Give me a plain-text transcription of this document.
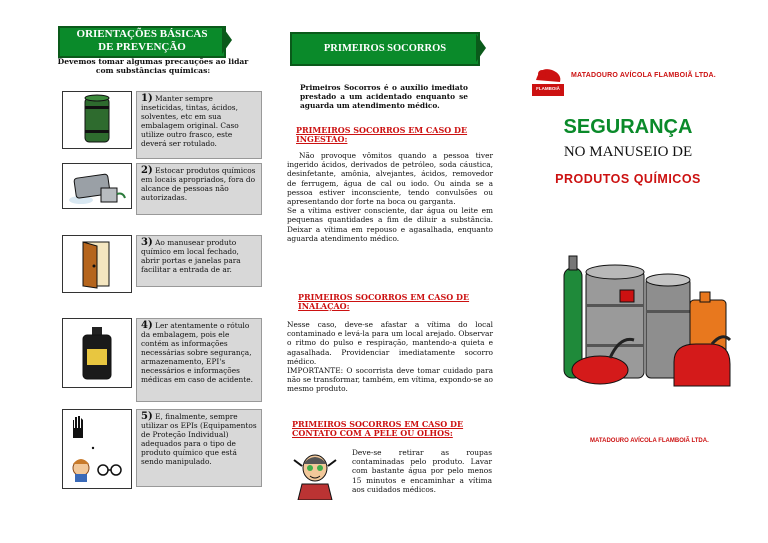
ORIENTAÇÕES BÁSICAS
DE PREVENÇÃO
Devemos tomar algumas precauções ao lidar
com substâncias químicas:
1) Manter sempre inseticidas, tintas, ácidos, solventes, etc em sua embalagem original. Caso utilize outro frasco, este deverá ser rotulado.
2) Estocar produtos químicos em locais apropriados, fora do alcance de pessoas não autorizadas.
3) Ao manusear produto químico em local fechado, abrir portas e janelas para facilitar a entrada de ar.
4) Ler atentamente o rótulo da embalagem, pois ele contém as informações necessárias sobre segurança, armazenamento, EPI's necessários e informações médicas em caso de acidente.
5) E, finalmente, sempre utilizar os EPIs (Equipamentos de Proteção Individual) adequados para o tipo de produto químico que está sendo manipulado.
PRIMEIROS SOCORROS
Primeiros Socorros é o auxílio imediato prestado a um acidentado enquanto se aguarda um atendimento médico.
PRIMEIROS SOCORROS EM CASO DE
INGESTÃO:
Não provoque vômitos quando a pessoa tiver ingerido ácidos, derivados de petróleo, soda cáustica, desinfetante, amônia, alvejantes, ácidos, removedor de ferrugem, água de cal ou iodo. Ou ainda se a pessoa estiver inconsciente, tendo convulsões ou apresentando dor forte na boca ou garganta.
Se a vítima estiver consciente, dar água ou leite em pequenas quantidades a fim de diluir a substância. Deixar a vítima em repouso e agasalhada, enquanto aguarda atendimento médico.
PRIMEIROS SOCORROS EM CASO DE
INALAÇÃO:
Nesse caso, deve-se afastar a vítima do local contaminado e levá-la para um local arejado. Observar o ritmo do pulso e respiração, mantendo-a quieta e agasalhada. Providenciar imediatamente socorro médico.
IMPORTANTE: O socorrista deve tomar cuidado para não se transformar, também, em vítima, expondo-se ao mesmo produto.
PRIMEIROS SOCORROS EM CASO DE
CONTATO COM A PELE OU OLHOS:
Deve-se retirar as roupas contaminadas pelo produto. Lavar com bastante água por pelo menos 15 minutos e encaminhar a vítima aos cuidados médicos.
FLAMBOIÃ
MATADOURO AVÍCOLA FLAMBOIÃ LTDA.
SEGURANÇA
NO MANUSEIO DE
PRODUTOS QUÍMICOS
MATADOURO AVÍCOLA FLAMBOIÃ LTDA.
